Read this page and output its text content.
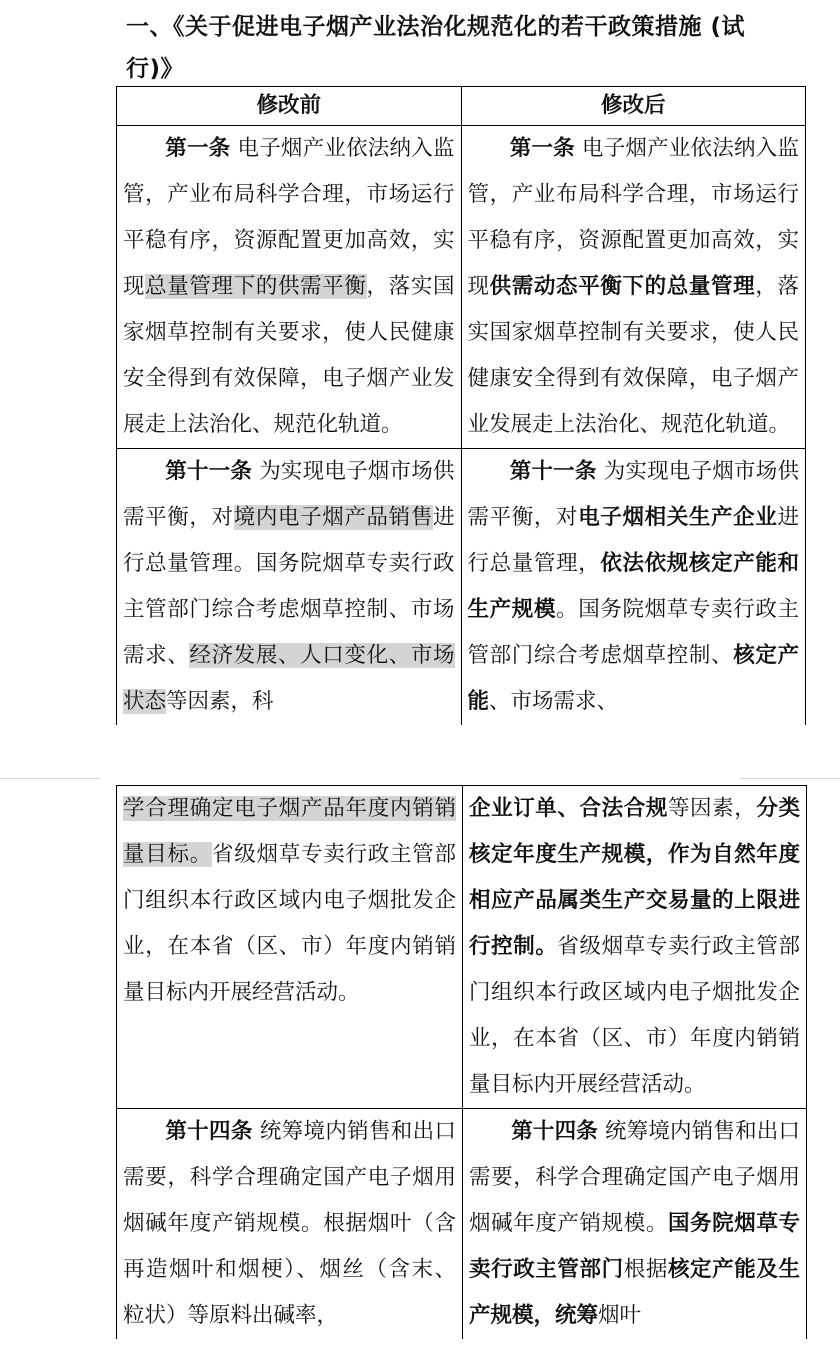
一、《关于促进电子烟产业法治化规范化的若干政策措施 (试行)》
修改前	修改后
第一条 电子烟产业依法纳入监管，产业布局科学合理，市场运行平稳有序，资源配置更加高效，实现总量管理下的供需平衡，落实国家烟草控制有关要求，使人民健康安全得到有效保障，电子烟产业发展走上法治化、规范化轨道。	第一条 电子烟产业依法纳入监管，产业布局科学合理，市场运行平稳有序，资源配置更加高效，实现供需动态平衡下的总量管理，落实国家烟草控制有关要求，使人民健康安全得到有效保障，电子烟产业发展走上法治化、规范化轨道。
第十一条 为实现电子烟市场供需平衡，对境内电子烟产品销售进行总量管理。国务院烟草专卖行政主管部门综合考虑烟草控制、市场需求、经济发展、人口变化、市场状态等因素，科	第十一条 为实现电子烟市场供需平衡，对电子烟相关生产企业进行总量管理，依法依规核定产能和生产规模。国务院烟草专卖行政主管部门综合考虑烟草控制、核定产能、市场需求、
学合理确定电子烟产品年度内销销量目标。省级烟草专卖行政主管部门组织本行政区域内电子烟批发企业，在本省（区、市）年度内销销量目标内开展经营活动。	企业订单、合法合规等因素，分类核定年度生产规模，作为自然年度相应产品属类生产交易量的上限进行控制。省级烟草专卖行政主管部门组织本行政区域内电子烟批发企业，在本省（区、市）年度内销销量目标内开展经营活动。
第十四条 统筹境内销售和出口需要，科学合理确定国产电子烟用烟碱年度产销规模。根据烟叶（含再造烟叶和烟梗）、烟丝（含末、粒状）等原料出碱率，	第十四条 统筹境内销售和出口需要，科学合理确定国产电子烟用烟碱年度产销规模。国务院烟草专卖行政主管部门根据核定产能及生产规模，统筹烟叶
